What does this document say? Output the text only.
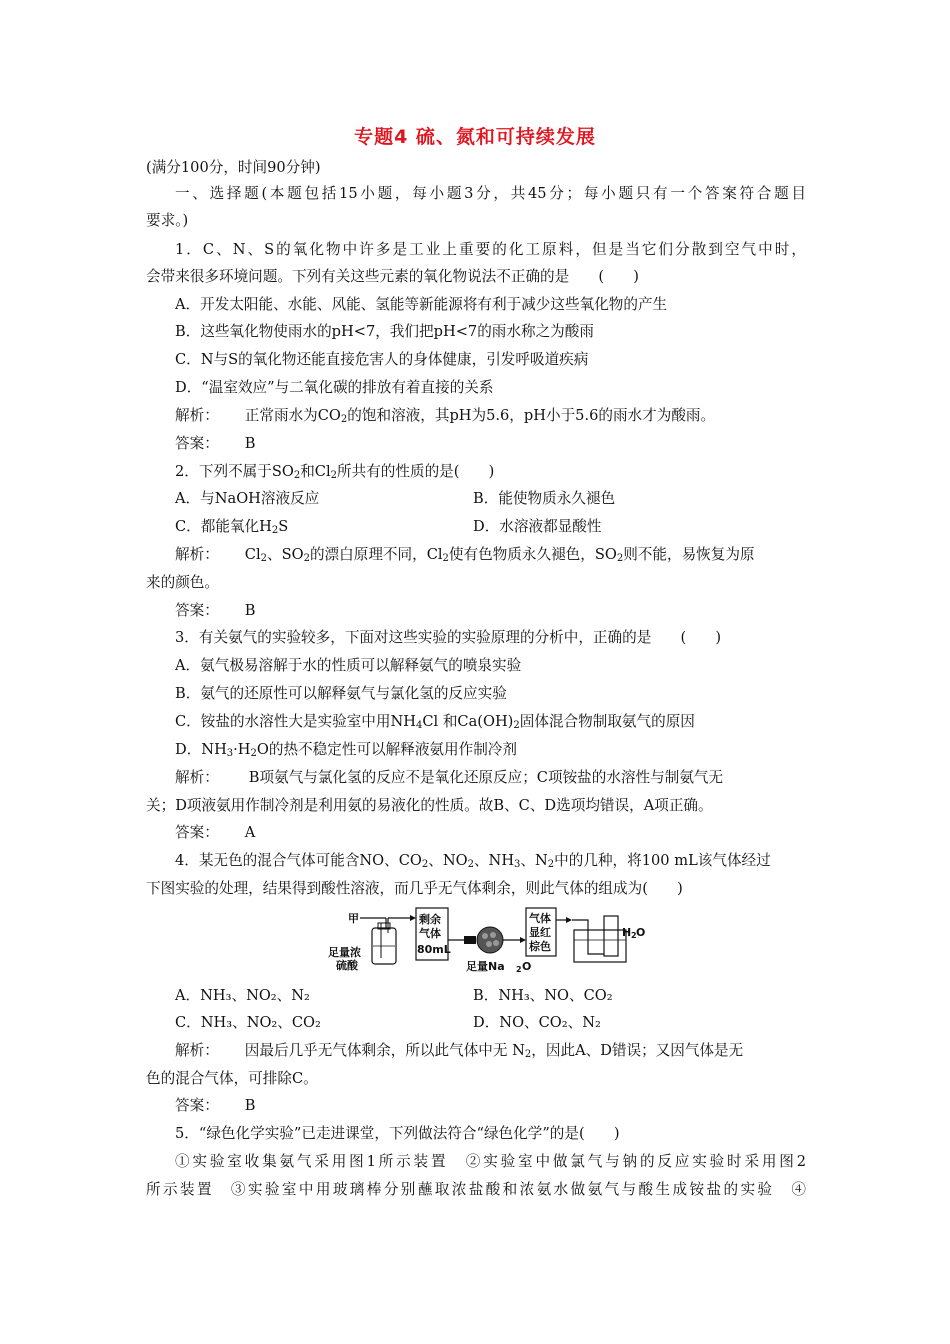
专题4 硫、氮和可持续发展
(满分100分，时间90分钟)
一、选择题(本题包括15小题，每小题3分，共45分；每小题只有一个答案符合题目
要求。)
1．C、N、S的氧化物中许多是工业上重要的化工原料，但是当它们分散到空气中时，
会带来很多环境问题。下列有关这些元素的氧化物说法不正确的是　　(　　)
A．开发太阳能、水能、风能、氢能等新能源将有利于减少这些氧化物的产生
B．这些氧化物使雨水的pH<7，我们把pH<7的雨水称之为酸雨
C．N与S的氧化物还能直接危害人的身体健康，引发呼吸道疾病
D．“温室效应”与二氧化碳的排放有着直接的关系
解析： 正常雨水为$CO_2$的饱和溶液，其pH为5.6，pH小于5.6的雨水才为酸雨。
答案： B
2．下列不属于$SO_2$和$Cl_2$所共有的性质的是(　　)
A．与NaOH溶液反应	B．能使物质永久褪色
C．都能氧化$H_2S$	D．水溶液都显酸性
解析： $Cl_2$、$SO_2$的漂白原理不同，$Cl_2$使有色物质永久褪色，$SO_2$则不能，易恢复为原
来的颜色。
答案： B
3．有关氨气的实验较多，下面对这些实验的实验原理的分析中，正确的是　　(　　)
A．氨气极易溶解于水的性质可以解释氨气的喷泉实验
B．氨气的还原性可以解释氨气与氯化氢的反应实验
C．铵盐的水溶性大是实验室中用$NH_4Cl$ 和$Ca(OH)_2$固体混合物制取氨气的原因
D．$NH_3\cdot H_2O$的热不稳定性可以解释液氨用作制冷剂
解析： B项氨气与氯化氢的反应不是氧化还原反应；C项铵盐的水溶性与制氨气无
关；D项液氨用作制冷剂是利用氨的易液化的性质。故B、C、D选项均错误，A项正确。
答案： A
4．某无色的混合气体可能含NO、$CO_2$、$NO_2$、$NH_3$、$N_2$中的几种，将100 mL该气体经过
下图实验的处理，结果得到酸性溶液，而几乎无气体剩余，则此气体的组成为(　　)
甲
足量浓
硫酸
剩余
气体
80mL
足量Na 2 O
气体
显红
棕色
H 2 O
A．NH₃、NO₂、N₂	B．NH₃、NO、CO₂
C．NH₃、NO₂、CO₂	D．NO、CO₂、N₂
解析： 因最后几乎无气体剩余，所以此气体中无 $N_2$，因此A、D错误；又因气体是无
色的混合气体，可排除C。
答案： B
5．“绿色化学实验”已走进课堂，下列做法符合“绿色化学”的是(　　)
①实验室收集氨气采用图1所示装置　②实验室中做氯气与钠的反应实验时采用图2
所示装置　③实验室中用玻璃棒分别蘸取浓盐酸和浓氨水做氨气与酸生成铵盐的实验　④
